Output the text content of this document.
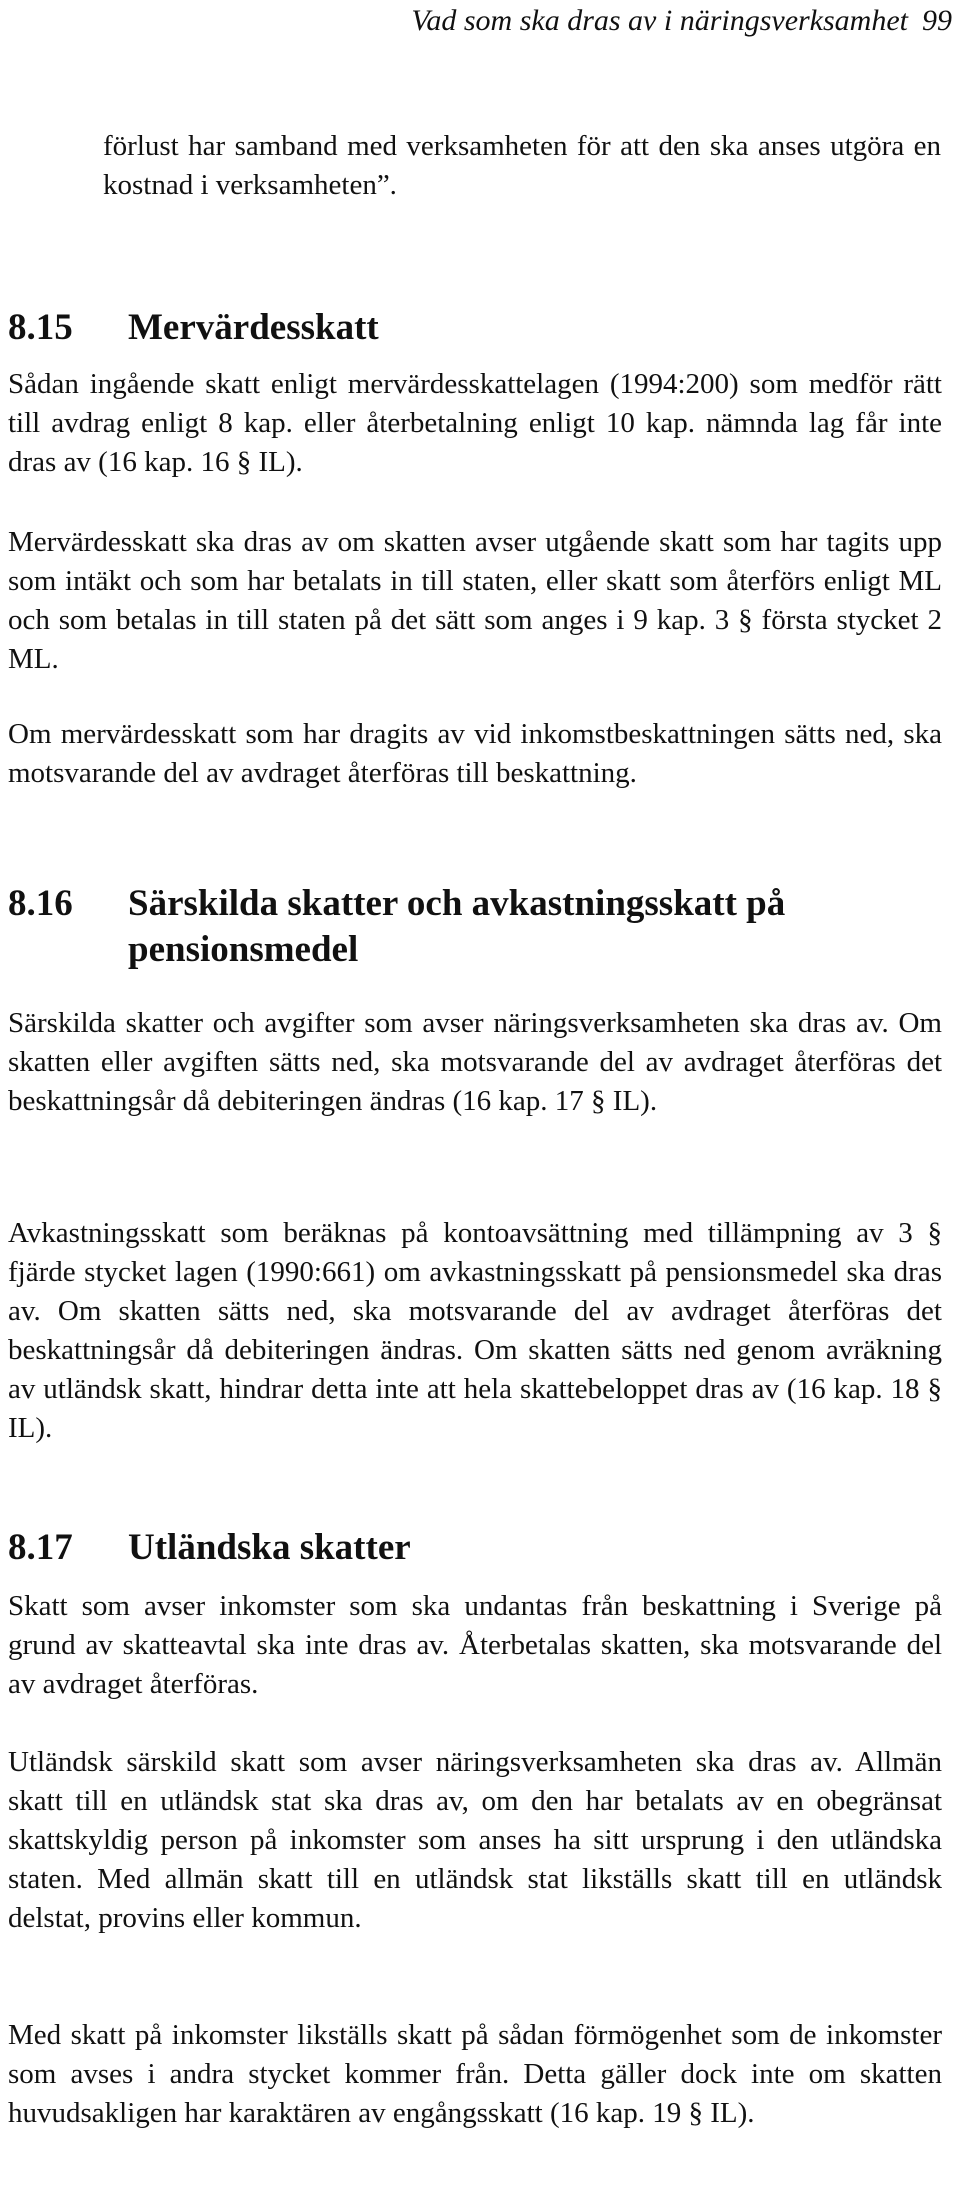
Vad som ska dras av i näringsverksamhet 99

förlust har samband med verksamheten för att den ska anses utgöra en kostnad i verksamheten”.

8.15 Mervärdesskatt

Sådan ingående skatt enligt mervärdesskattelagen (1994:200) som medför rätt till avdrag enligt 8 kap. eller återbetalning enligt 10 kap. nämnda lag får inte dras av (16 kap. 16 § IL).

Mervärdesskatt ska dras av om skatten avser utgående skatt som har tagits upp som intäkt och som har betalats in till staten, eller skatt som återförs enligt ML och som betalas in till staten på det sätt som anges i 9 kap. 3 § första stycket 2 ML.

Om mervärdesskatt som har dragits av vid inkomstbeskattningen sätts ned, ska motsvarande del av avdraget återföras till beskattning.

8.16 Särskilda skatter och avkastningsskatt på pensionsmedel

Särskilda skatter och avgifter som avser näringsverksamheten ska dras av. Om skatten eller avgiften sätts ned, ska motsvarande del av avdraget återföras det beskattningsår då debiteringen ändras (16 kap. 17 § IL).

Avkastningsskatt som beräknas på kontoavsättning med tillämpning av 3 § fjärde stycket lagen (1990:661) om avkastningsskatt på pensionsmedel ska dras av. Om skatten sätts ned, ska motsvarande del av avdraget återföras det beskattningsår då debiteringen ändras. Om skatten sätts ned genom avräkning av utländsk skatt, hindrar detta inte att hela skattebeloppet dras av (16 kap. 18 § IL).

8.17 Utländska skatter

Skatt som avser inkomster som ska undantas från beskattning i Sverige på grund av skatteavtal ska inte dras av. Återbetalas skatten, ska motsvarande del av avdraget återföras.

Utländsk särskild skatt som avser näringsverksamheten ska dras av. Allmän skatt till en utländsk stat ska dras av, om den har betalats av en obegränsat skattskyldig person på inkomster som anses ha sitt ursprung i den utländska staten. Med allmän skatt till en utländsk stat likställs skatt till en utländsk delstat, provins eller kommun.

Med skatt på inkomster likställs skatt på sådan förmögenhet som de inkomster som avses i andra stycket kommer från. Detta gäller dock inte om skatten huvudsakligen har karaktären av engångsskatt (16 kap. 19 § IL).
